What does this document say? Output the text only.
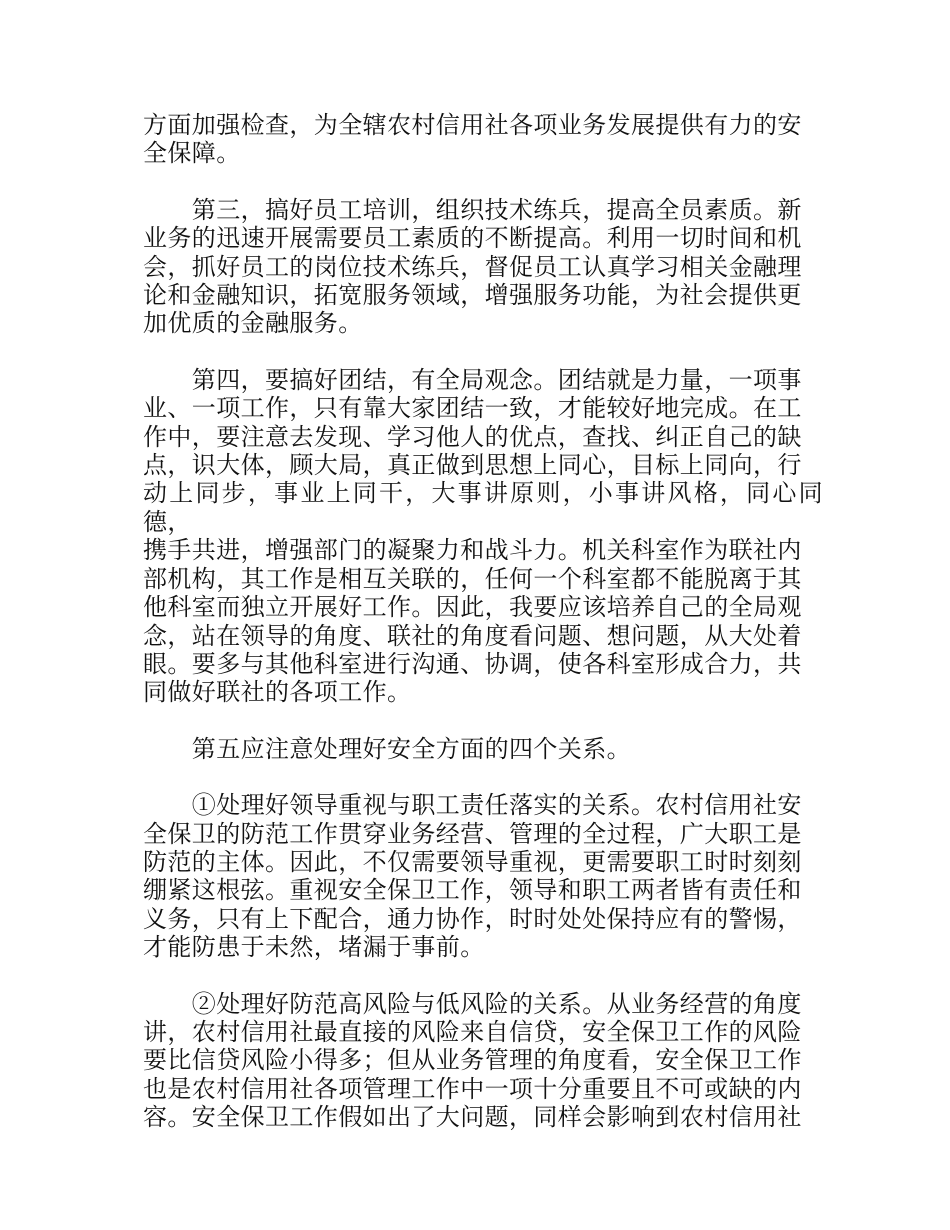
方面加强检查，为全辖农村信用社各项业务发展提供有力的安
全保障。

　　第三，搞好员工培训，组织技术练兵，提高全员素质。新
业务的迅速开展需要员工素质的不断提高。利用一切时间和机
会，抓好员工的岗位技术练兵，督促员工认真学习相关金融理
论和金融知识，拓宽服务领域，增强服务功能，为社会提供更
加优质的金融服务。

　　第四，要搞好团结，有全局观念。团结就是力量，一项事
业、一项工作，只有靠大家团结一致，才能较好地完成。在工
作中，要注意去发现、学习他人的优点，查找、纠正自己的缺
点，识大体，顾大局，真正做到思想上同心，目标上同向，行
动上同步，事业上同干，大事讲原则，小事讲风格，同心同德，
携手共进，增强部门的凝聚力和战斗力。机关科室作为联社内
部机构，其工作是相互关联的，任何一个科室都不能脱离于其
他科室而独立开展好工作。因此，我要应该培养自己的全局观
念，站在领导的角度、联社的角度看问题、想问题，从大处着
眼。要多与其他科室进行沟通、协调，使各科室形成合力，共
同做好联社的各项工作。

　　第五应注意处理好安全方面的四个关系。

　　①处理好领导重视与职工责任落实的关系。农村信用社安
全保卫的防范工作贯穿业务经营、管理的全过程，广大职工是
防范的主体。因此，不仅需要领导重视，更需要职工时时刻刻
绷紧这根弦。重视安全保卫工作，领导和职工两者皆有责任和
义务，只有上下配合，通力协作，时时处处保持应有的警惕，
才能防患于未然，堵漏于事前。

　　②处理好防范高风险与低风险的关系。从业务经营的角度
讲，农村信用社最直接的风险来自信贷，安全保卫工作的风险
要比信贷风险小得多；但从业务管理的角度看，安全保卫工作
也是农村信用社各项管理工作中一项十分重要且不可或缺的内
容。安全保卫工作假如出了大问题，同样会影响到农村信用社
